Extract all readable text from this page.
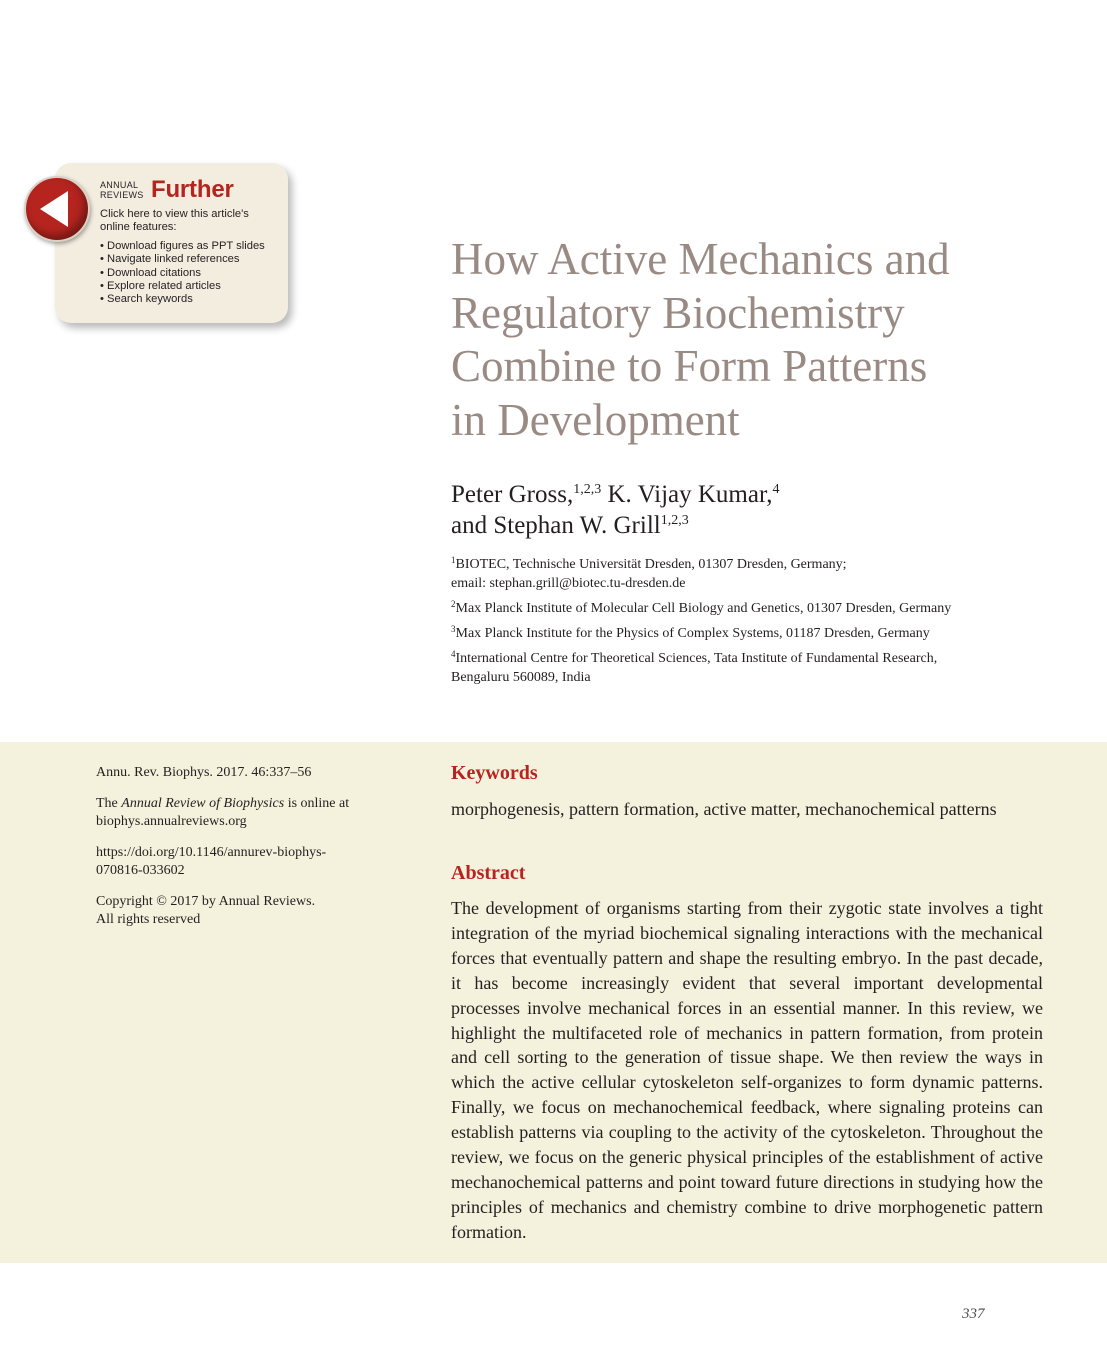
ANNUAL
REVIEWS Further
Click here to view this article's online features:
• Download figures as PPT slides
• Navigate linked references
• Download citations
• Explore related articles
• Search keywords
How Active Mechanics and
Regulatory Biochemistry
Combine to Form Patterns
in Development
Peter Gross,$^{1,2,3}$ K. Vijay Kumar,$^4$
and Stephan W. Grill$^{1,2,3}$

$^1$BIOTEC, Technische Universität Dresden, 01307 Dresden, Germany;
email: stephan.grill@biotec.tu-dresden.de

$^2$Max Planck Institute of Molecular Cell Biology and Genetics, 01307 Dresden, Germany

$^3$Max Planck Institute for the Physics of Complex Systems, 01187 Dresden, Germany

$^4$International Centre for Theoretical Sciences, Tata Institute of Fundamental Research,
Bengaluru 560089, India

Annu. Rev. Biophys. 2017. 46:337–56

The Annual Review of Biophysics is online at
biophys.annualreviews.org

https://doi.org/10.1146/annurev-biophys-
070816-033602

Copyright © 2017 by Annual Reviews.
All rights reserved

Keywords

morphogenesis, pattern formation, active matter, mechanochemical patterns

Abstract

The development of organisms starting from their zygotic state involves a tight integration of the myriad biochemical signaling interactions with the mechanical forces that eventually pattern and shape the resulting embryo. In the past decade, it has become increasingly evident that several important developmental processes involve mechanical forces in an essential manner. In this review, we highlight the multifaceted role of mechanics in pattern formation, from protein and cell sorting to the generation of tissue shape. We then review the ways in which the active cellular cytoskeleton self-organizes to form dynamic patterns. Finally, we focus on mechanochemical feedback, where signaling proteins can establish patterns via coupling to the activity of the cytoskeleton. Throughout the review, we focus on the generic physical principles of the establishment of active mechanochemical patterns and point toward future directions in studying how the principles of mechanics and chemistry combine to drive morphogenetic pattern formation.

337
